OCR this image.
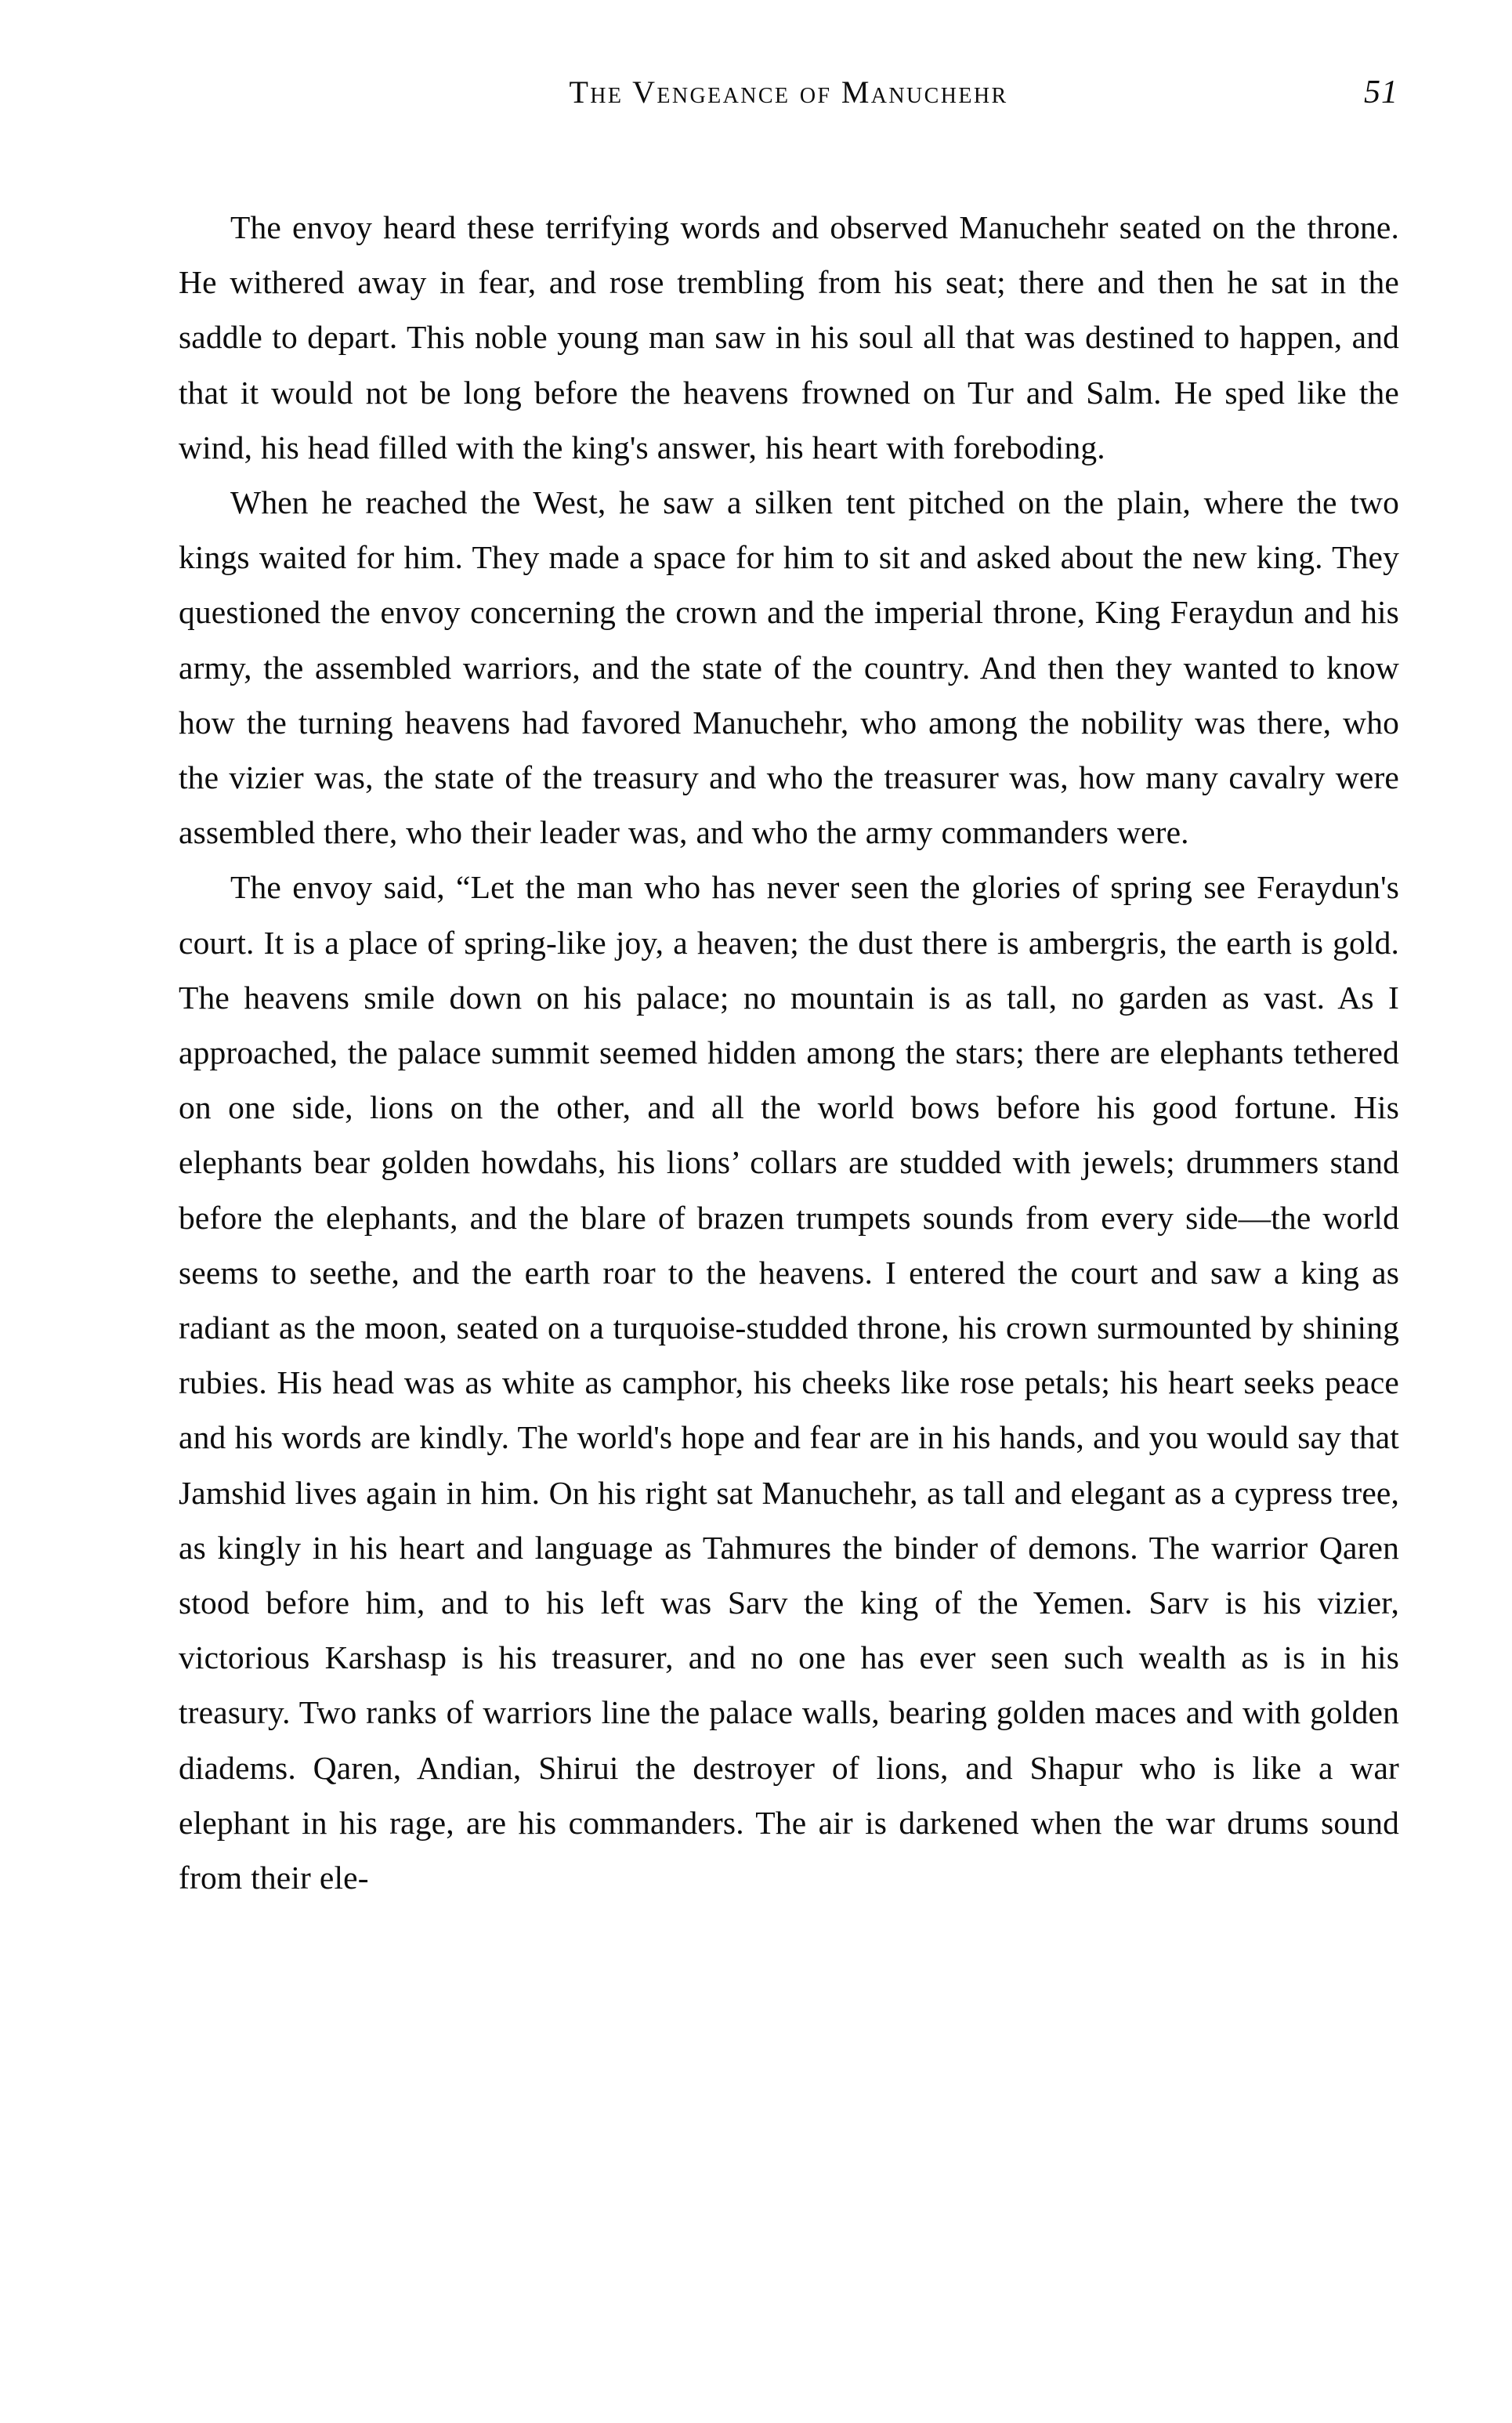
The Vengeance of Manuchehr	51

The envoy heard these terrifying words and observed Manuchehr seated on the throne. He withered away in fear, and rose trembling from his seat; there and then he sat in the saddle to depart. This noble young man saw in his soul all that was destined to happen, and that it would not be long before the heavens frowned on Tur and Salm. He sped like the wind, his head filled with the king's answer, his heart with foreboding.

When he reached the West, he saw a silken tent pitched on the plain, where the two kings waited for him. They made a space for him to sit and asked about the new king. They questioned the envoy concerning the crown and the imperial throne, King Feraydun and his army, the assembled warriors, and the state of the country. And then they wanted to know how the turning heavens had favored Manuchehr, who among the nobility was there, who the vizier was, the state of the treasury and who the treasurer was, how many cavalry were assembled there, who their leader was, and who the army commanders were.

The envoy said, “Let the man who has never seen the glories of spring see Feraydun's court. It is a place of spring-like joy, a heaven; the dust there is ambergris, the earth is gold. The heavens smile down on his palace; no mountain is as tall, no garden as vast. As I approached, the palace summit seemed hidden among the stars; there are elephants tethered on one side, lions on the other, and all the world bows before his good fortune. His elephants bear golden howdahs, his lions’ collars are studded with jewels; drummers stand before the elephants, and the blare of brazen trumpets sounds from every side—the world seems to seethe, and the earth roar to the heavens. I entered the court and saw a king as radiant as the moon, seated on a turquoise-studded throne, his crown surmounted by shining rubies. His head was as white as camphor, his cheeks like rose petals; his heart seeks peace and his words are kindly. The world's hope and fear are in his hands, and you would say that Jamshid lives again in him. On his right sat Manuchehr, as tall and elegant as a cypress tree, as kingly in his heart and language as Tahmures the binder of demons. The warrior Qaren stood before him, and to his left was Sarv the king of the Yemen. Sarv is his vizier, victorious Karshasp is his treasurer, and no one has ever seen such wealth as is in his treasury. Two ranks of warriors line the palace walls, bearing golden maces and with golden diadems. Qaren, Andian, Shirui the destroyer of lions, and Shapur who is like a war elephant in his rage, are his commanders. The air is darkened when the war drums sound from their ele-
